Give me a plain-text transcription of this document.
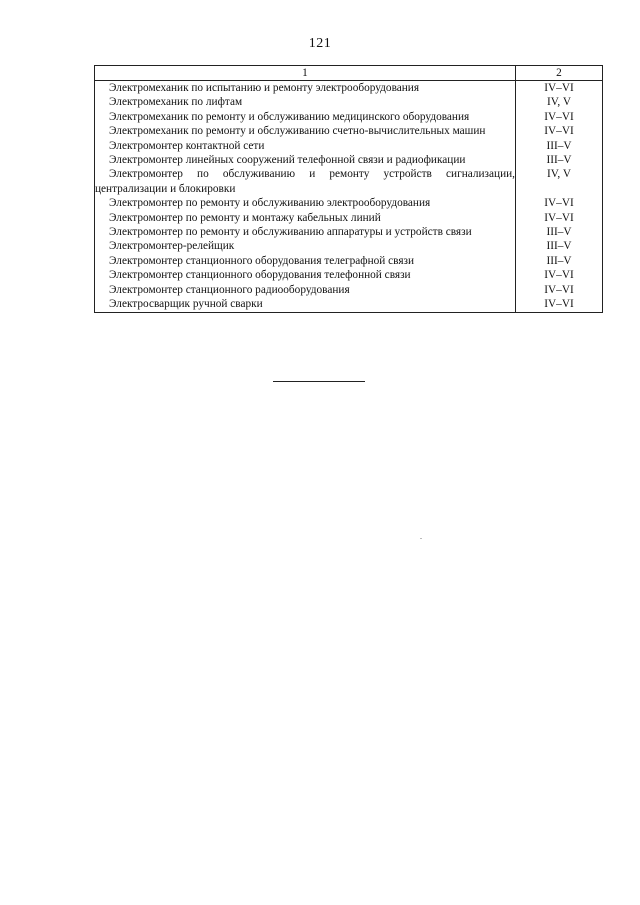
121
1	2
Электромеханик по испытанию и ремонту электрооборудования	IV–VI
Электромеханик по лифтам	IV, V
Электромеханик по ремонту и обслуживанию медицинского оборудования	IV–VI
Электромеханик по ремонту и обслуживанию счетно-вычислительных машин	IV–VI
Электромонтер контактной сети	III–V
Электромонтер линейных сооружений телефонной связи и радиофикации	III–V
Электромонтер по обслуживанию и ремонту устройств сигнализации, централизации и блокировки	IV, V
Электромонтер по ремонту и обслуживанию электрооборудования	IV–VI
Электромонтер по ремонту и монтажу кабельных линий	IV–VI
Электромонтер по ремонту и обслуживанию аппаратуры и устройств связи	III–V
Электромонтер-релейщик	III–V
Электромонтер станционного оборудования телеграфной связи	III–V
Электромонтер станционного оборудования телефонной связи	IV–VI
Электромонтер станционного радиооборудования	IV–VI
Электросварщик ручной сварки	IV–VI
